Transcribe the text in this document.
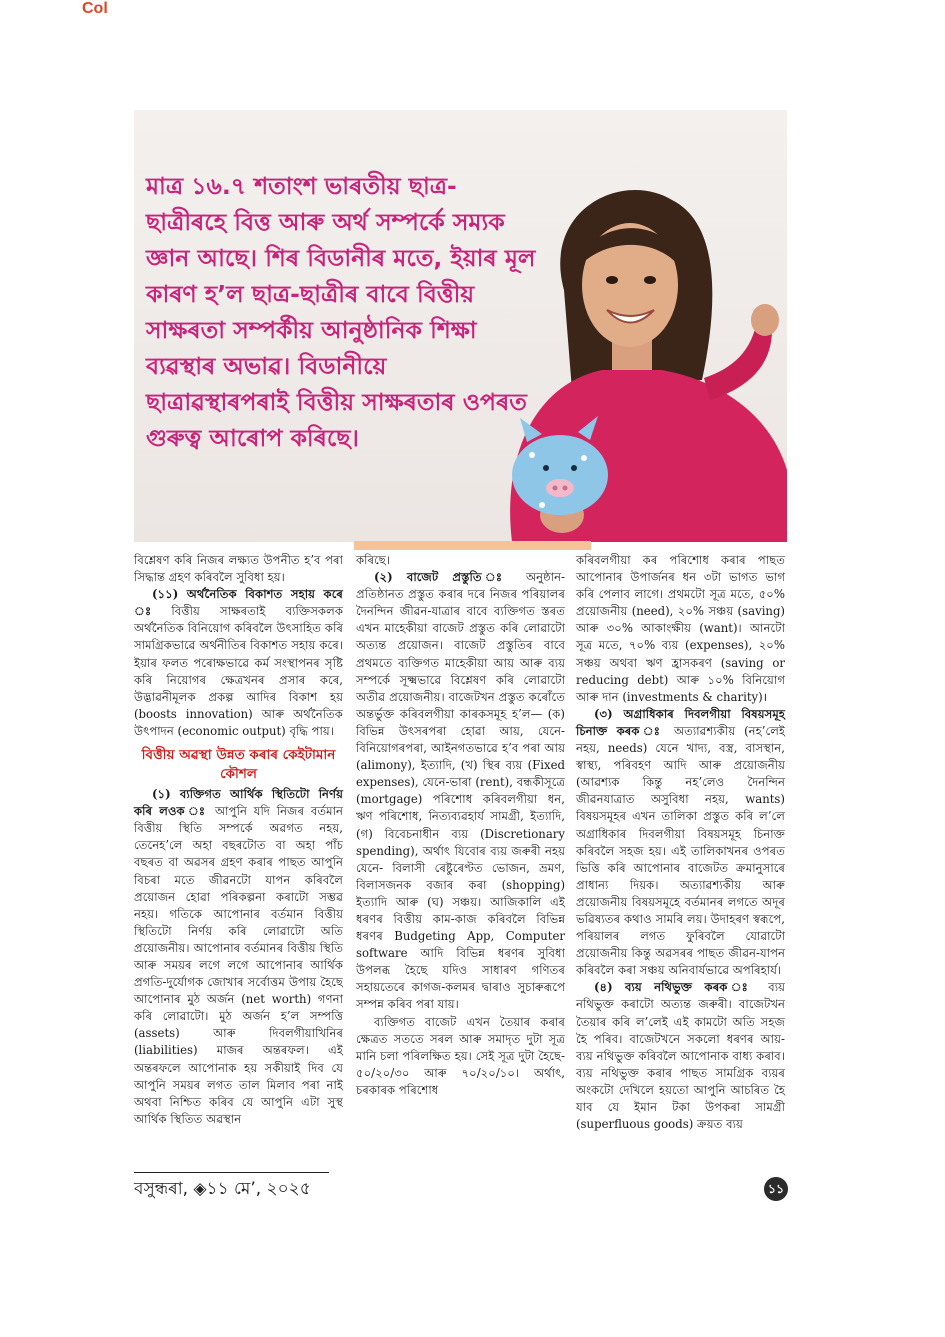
Col

মাত্ৰ ১৬.৭ শতাংশ ভাৰতীয় ছাত্ৰ-ছাত্ৰীৰহে বিত্ত আৰু অৰ্থ সম্পৰ্কে সম্যক জ্ঞান আছে। শিৰ বিডানীৰ মতে, ইয়াৰ মূল কাৰণ হ’ল ছাত্ৰ-ছাত্ৰীৰ বাবে বিত্তীয় সাক্ষৰতা সম্পৰ্কীয় আনুষ্ঠানিক শিক্ষা ব্যৱস্থাৰ অভাৱ। বিডানীয়ে ছাত্ৰাৱস্থাৰপৰাই বিত্তীয় সাক্ষৰতাৰ ওপৰত গুৰুত্ব আৰোপ কৰিছে।

বিশ্লেষণ কৰি নিজৰ লক্ষ্যত উপনীত হ’ব পৰা সিদ্ধান্ত গ্ৰহণ কৰিবলৈ সুবিধা হয়।

(১১) অৰ্থনৈতিক বিকাশত সহায় কৰে ঃ বিত্তীয় সাক্ষৰতাই ব্যক্তিসকলক অৰ্থনৈতিক বিনিয়োগ কৰিবলৈ উৎসাহিত কৰি সামগ্ৰিকভাৱে অৰ্থনীতিৰ বিকাশত সহায় কৰে। ইয়াৰ ফলত পৰোক্ষভাৱে কৰ্ম সংস্থাপনৰ সৃষ্টি কৰি নিয়োগৰ ক্ষেত্ৰখনৰ প্ৰসাৰ কৰে, উদ্ভাৱনীমূলক প্ৰকল্প আদিৰ বিকাশ হয় (boosts innovation) আৰু অৰ্থনৈতিক উৎপাদন (economic output) বৃদ্ধি পায়।

বিত্তীয় অৱস্থা উন্নত কৰাৰ কেইটামান কৌশল

(১) ব্যক্তিগত আৰ্থিক স্থিতিটো নিৰ্ণয় কৰি লওক ঃ আপুনি যদি নিজৰ বৰ্তমান বিত্তীয় স্থিতি সম্পৰ্কে অৱগত নহয়, তেনেহ’লে অহা বছৰটোত বা অহা পাঁচ বছৰত বা অৱসৰ গ্ৰহণ কৰাৰ পাছত আপুনি বিচৰা মতে জীৱনটো যাপন কৰিবলৈ প্ৰয়োজন হোৱা পৰিকল্পনা কৰাটো সম্ভৱ নহয়। গতিকে আপোনাৰ বৰ্তমান বিত্তীয় স্থিতিটো নিৰ্ণয় কৰি লোৱাটো অতি প্ৰয়োজনীয়। আপোনাৰ বৰ্তমানৰ বিত্তীয় স্থিতি আৰু সময়ৰ লগে লগে আপোনাৰ আৰ্থিক প্ৰগতি-দুৰ্যোগক জোখাৰ সৰ্বোত্তম উপায় হৈছে আপোনাৰ মুঠ অৰ্জন (net worth) গণনা কৰি লোৱাটো। মুঠ অৰ্জন হ’ল সম্পত্তি (assets) আৰু দিবলগীয়াখিনিৰ (liabilities) মাজৰ অন্তৰফল। এই অন্তৰফলে আপোনাক হয় সকীয়াই দিব যে আপুনি সময়ৰ লগত তাল মিলাব পৰা নাই অথবা নিশ্চিত কৰিব যে আপুনি এটা সুস্থ আৰ্থিক স্থিতিত অৱস্থান

কৰিছে।

(২) বাজেট প্ৰস্তুতি ঃ অনুষ্ঠান-প্ৰতিষ্ঠানত প্ৰস্তুত কৰাৰ দৰে নিজৰ পৰিয়ালৰ দৈনন্দিন জীৱন-যাত্ৰাৰ বাবে ব্যক্তিগত স্তৰত এখন মাহেকীয়া বাজেট প্ৰস্তুত কৰি লোৱাটো অত্যন্ত প্ৰয়োজন। বাজেট প্ৰস্তুতিৰ বাবে প্ৰথমতে ব্যক্তিগত মাহেকীয়া আয় আৰু ব্যয় সম্পৰ্কে সূক্ষ্মভাৱে বিশ্লেষণ কৰি লোৱাটো অতীৱ প্ৰয়োজনীয়। বাজেটখন প্ৰস্তুত কৰোঁতে অন্তৰ্ভুক্ত কৰিবলগীয়া কাৰকসমূহ হ’ল— (ক) বিভিন্ন উৎসৰপৰা হোৱা আয়, যেনে- বিনিয়োগৰপৰা, আইনগতভাৱে হ’ব পৰা আয় (alimony), ইত্যাদি, (খ) স্থিৰ ব্যয় (Fixed expenses), যেনে-ভাৰা (rent), বন্ধকীসূত্ৰে (mortgage) পৰিশোধ কৰিবলগীয়া ধন, ঋণ পৰিশোধ, নিত্যব্যৱহাৰ্য সামগ্ৰী, ইত্যাদি, (গ) বিবেচনাধীন ব্যয় (Discretionary spending), অৰ্থাৎ যিবোৰ ব্যয় জৰুৰী নহয় যেনে- বিলাসী ৰেষ্টুৰেণ্টত ভোজন, ভ্ৰমণ, বিলাসজনক বজাৰ কৰা (shopping) ইত্যাদি আৰু (ঘ) সঞ্চয়। আজিকালি এই ধৰণৰ বিত্তীয় কাম-কাজ কৰিবলৈ বিভিন্ন ধৰণৰ Budgeting App, Computer software আদি বিভিন্ন ধৰণৰ সুবিধা উপলব্ধ হৈছে যদিও সাধাৰণ গণিতৰ সহায়তেৰে কাগজ-কলমৰ দ্বাৰাও সুচাৰুৰূপে সম্পন্ন কৰিব পৰা যায়।

ব্যক্তিগত বাজেট এখন তৈয়াৰ কৰাৰ ক্ষেত্ৰত সততে সৰল আৰু সমাদৃত দুটা সূত্ৰ মানি চলা পৰিলক্ষিত হয়। সেই সূত্ৰ দুটা হৈছে- ৫০/২০/৩০ আৰু ৭০/২০/১০। অৰ্থাৎ, চৰকাৰক পৰিশোধ

কৰিবলগীয়া কৰ পৰিশোধ কৰাৰ পাছত আপোনাৰ উপাৰ্জনৰ ধন ৩টা ভাগত ভাগ কৰি পেলাব লাগে। প্ৰথমটো সূত্ৰ মতে, ৫০% প্ৰয়োজনীয় (need), ২০% সঞ্চয় (saving) আৰু ৩০% আকাংক্ষীয় (want)। আনটো সূত্ৰ মতে, ৭০% ব্যয় (expenses), ২০% সঞ্চয় অথবা ঋণ হ্ৰাসকৰণ (saving or reducing debt) আৰু ১০% বিনিয়োগ আৰু দান (investments & charity)।

(৩) অগ্ৰাধিকাৰ দিবলগীয়া বিষয়সমূহ চিনাক্ত কৰক ঃ অত্যাৱশ্যকীয় (নহ’লেই নহয়, needs) যেনে খাদ্য, বস্ত্ৰ, বাসস্থান, স্বাস্থ্য, পৰিবহণ আদি আৰু প্ৰয়োজনীয় (আৱশ্যক কিন্তু নহ’লেও দৈনন্দিন জীৱনযাত্ৰাত অসুবিধা নহয়, wants) বিষয়সমূহৰ এখন তালিকা প্ৰস্তুত কৰি ল’লে অগ্ৰাধিকাৰ দিবলগীয়া বিষয়সমূহ চিনাক্ত কৰিবলৈ সহজ হয়। এই তালিকাখনৰ ওপৰত ভিত্তি কৰি আপোনাৰ বাজেটত ক্ৰমানুসাৰে প্ৰাধান্য দিয়ক। অত্যাৱশ্যকীয় আৰু প্ৰয়োজনীয় বিষয়সমূহে বৰ্তমানৰ লগতে অদূৰ ভৱিষ্যতৰ কথাও সামৰি লয়। উদাহৰণ স্বৰূপে, পৰিয়ালৰ লগত ফুৰিবলৈ যোৱাটো প্ৰয়োজনীয় কিন্তু অৱসৰৰ পাছত জীৱন-যাপন কৰিবলৈ কৰা সঞ্চয় অনিবাৰ্যভাৱে অপৰিহাৰ্য।

(৪) ব্যয় নথিভুক্ত কৰক ঃ ব্যয় নথিভুক্ত কৰাটো অত্যন্ত জৰুৰী। বাজেটখন তৈয়াৰ কৰি ল’লেই এই কামটো অতি সহজ হৈ পৰিব। বাজেটখনে সকলো ধৰণৰ আয়-ব্যয় নথিভুক্ত কৰিবলৈ আপোনাক বাধ্য কৰাব। ব্যয় নথিভুক্ত কৰাৰ পাছত সামগ্ৰিক ব্যয়ৰ অংকটো দেখিলে হয়তো আপুনি আচৰিত হৈ যাব যে ইমান টকা উপকৰা সামগ্ৰী (superfluous goods) ক্ৰয়ত ব্যয়

বসুন্ধৰা, ◈১১ মে’, ২০২৫	১১
